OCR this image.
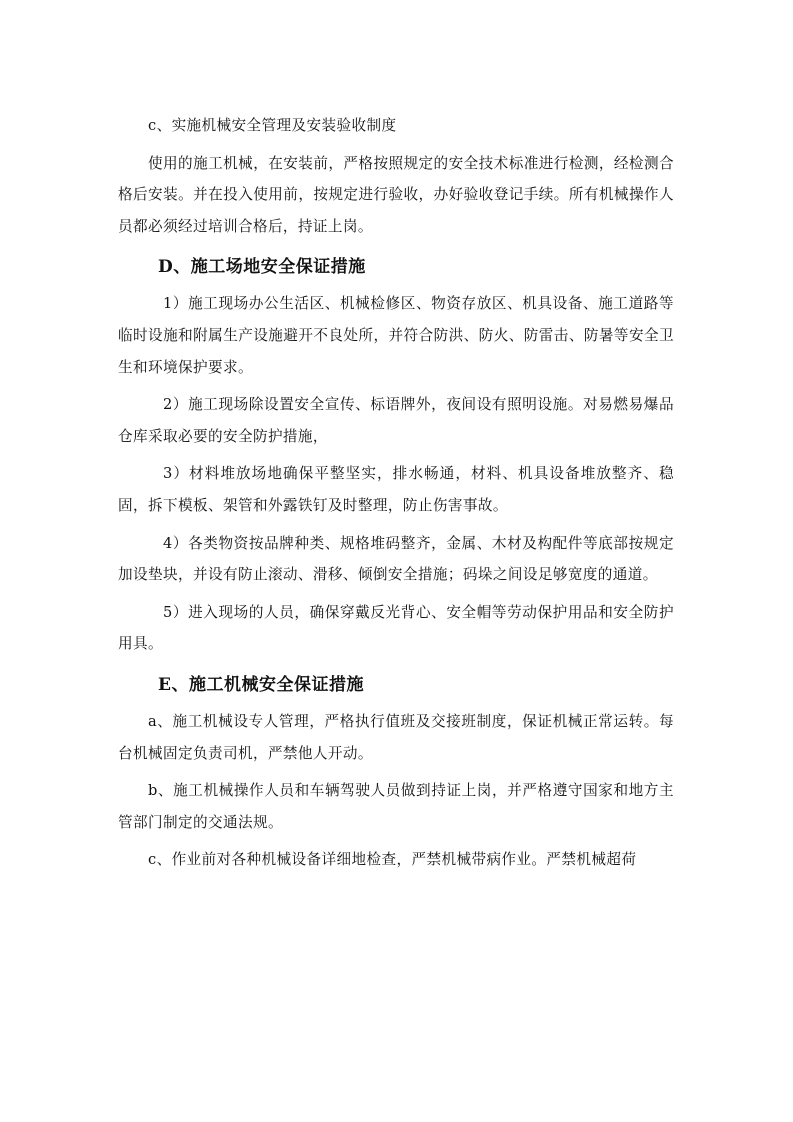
c、实施机械安全管理及安装验收制度

使用的施工机械，在安装前，严格按照规定的安全技术标准进行检测，经检测合格后安装。并在投入使用前，按规定进行验收，办好验收登记手续。所有机械操作人员都必须经过培训合格后，持证上岗。

D、施工场地安全保证措施

1）施工现场办公生活区、机械检修区、物资存放区、机具设备、施工道路等临时设施和附属生产设施避开不良处所，并符合防洪、防火、防雷击、防暑等安全卫生和环境保护要求。

2）施工现场除设置安全宣传、标语牌外，夜间设有照明设施。对易燃易爆品仓库采取必要的安全防护措施，

3）材料堆放场地确保平整坚实，排水畅通，材料、机具设备堆放整齐、稳固，拆下模板、架管和外露铁钉及时整理，防止伤害事故。

4）各类物资按品牌种类、规格堆码整齐，金属、木材及构配件等底部按规定加设垫块，并设有防止滚动、滑移、倾倒安全措施；码垛之间设足够宽度的通道。

5）进入现场的人员，确保穿戴反光背心、安全帽等劳动保护用品和安全防护用具。

E、施工机械安全保证措施

a、施工机械设专人管理，严格执行值班及交接班制度，保证机械正常运转。每台机械固定负责司机，严禁他人开动。

b、施工机械操作人员和车辆驾驶人员做到持证上岗，并严格遵守国家和地方主管部门制定的交通法规。

c、作业前对各种机械设备详细地检查，严禁机械带病作业。严禁机械超荷
